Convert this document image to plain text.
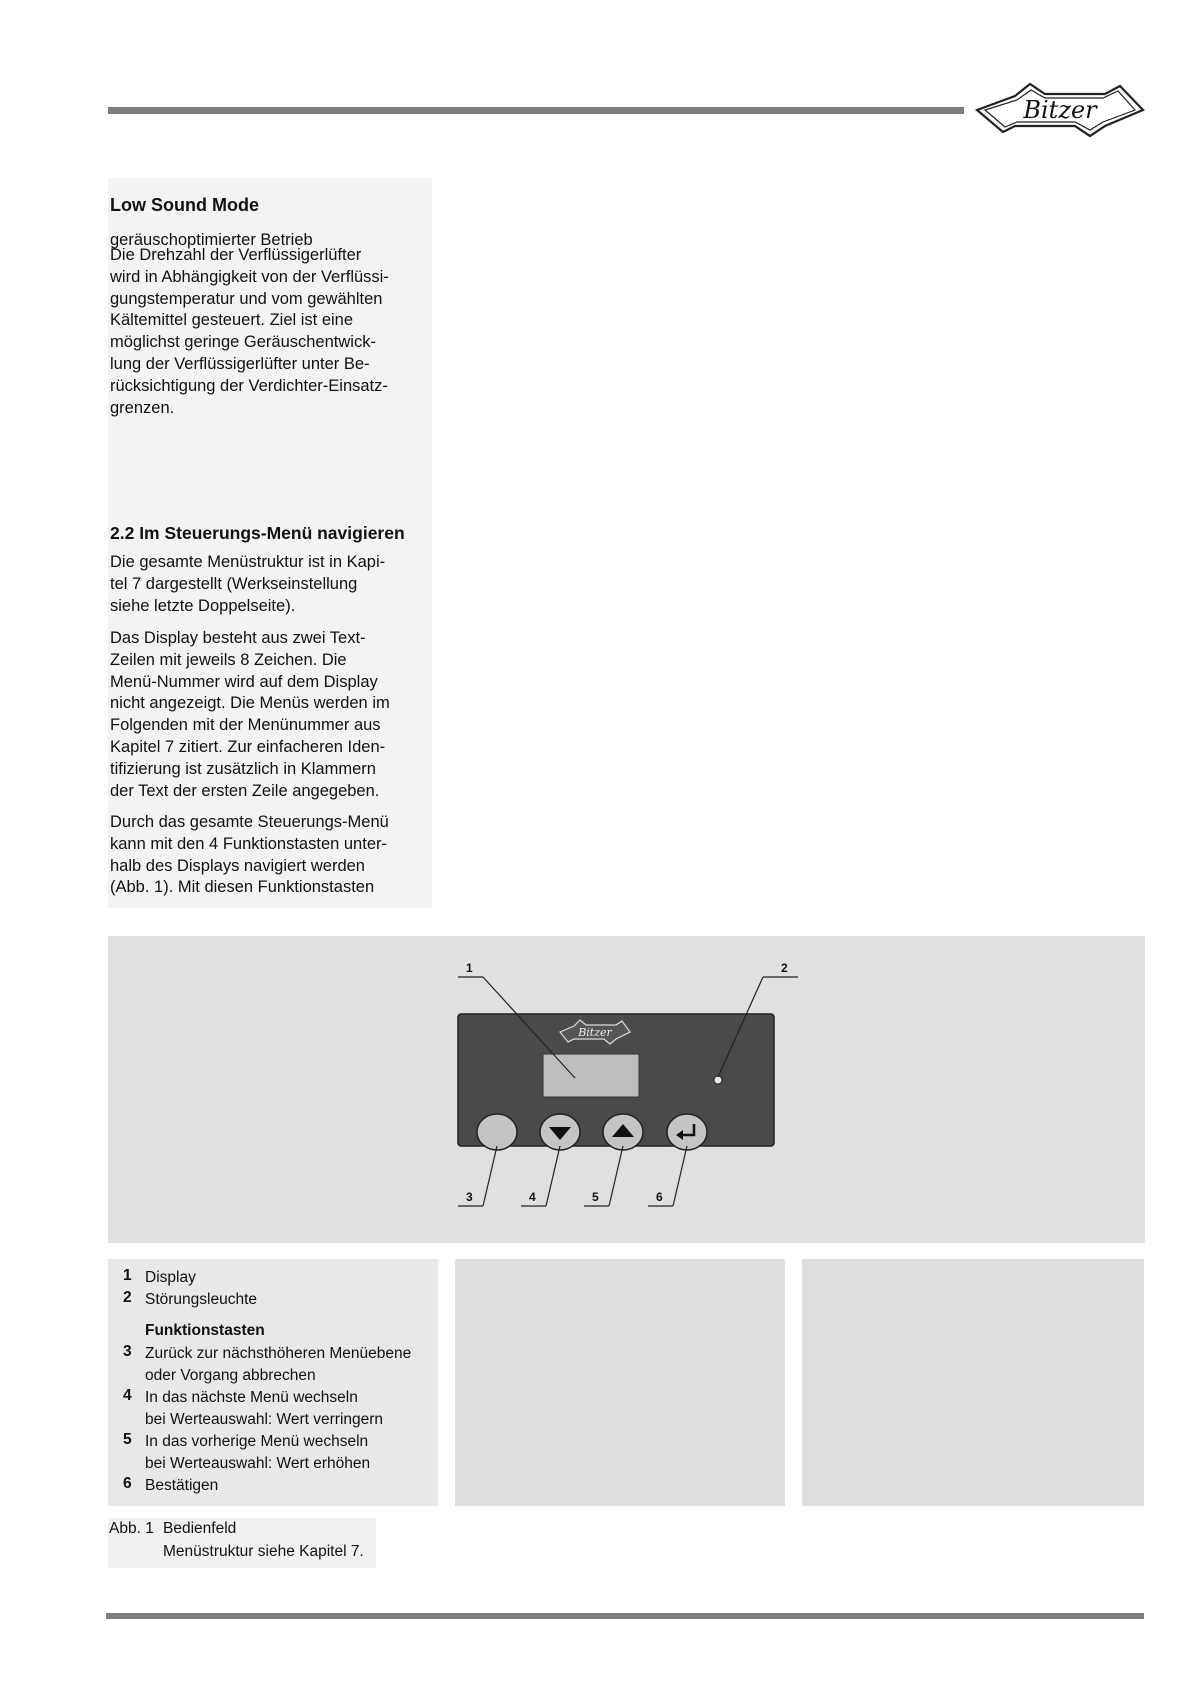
Bitzer
Low Sound Mode

geräuschoptimierter Betrieb

Die Drehzahl der Verflüssigerlüfter
wird in Abhängigkeit von der Verflüssi-
gungstemperatur und vom gewählten
Kältemittel gesteuert. Ziel ist eine
möglichst geringe Geräuschentwick-
lung der Verflüssigerlüfter unter Be-
rücksichtigung der Verdichter-Einsatz-
grenzen.
2.2 Im Steuerungs-Menü navigieren
Die gesamte Menüstruktur ist in Kapi-
tel 7 dargestellt (Werkseinstellung
siehe letzte Doppelseite).
Das Display besteht aus zwei Text-
Zeilen mit jeweils 8 Zeichen. Die
Menü-Nummer wird auf dem Display
nicht angezeigt. Die Menüs werden im
Folgenden mit der Menünummer aus
Kapitel 7 zitiert. Zur einfacheren Iden-
tifizierung ist zusätzlich in Klammern
der Text der ersten Zeile angegeben.
Durch das gesamte Steuerungs-Menü
kann mit den 4 Funktionstasten unter-
halb des Displays navigiert werden
(Abb. 1). Mit diesen Funktionstasten
Bitzer
1	2
3	4	5	6
1 Display
2 Störungsleuchte
Funktionstasten
3 Zurück zur nächsthöheren Menüebene
oder Vorgang abbrechen
4 In das nächste Menü wechseln
bei Werteauswahl: Wert verringern
5 In das vorherige Menü wechseln
bei Werteauswahl: Wert erhöhen
6 Bestätigen
Abb. 1 Bedienfeld
Menüstruktur siehe Kapitel 7.
